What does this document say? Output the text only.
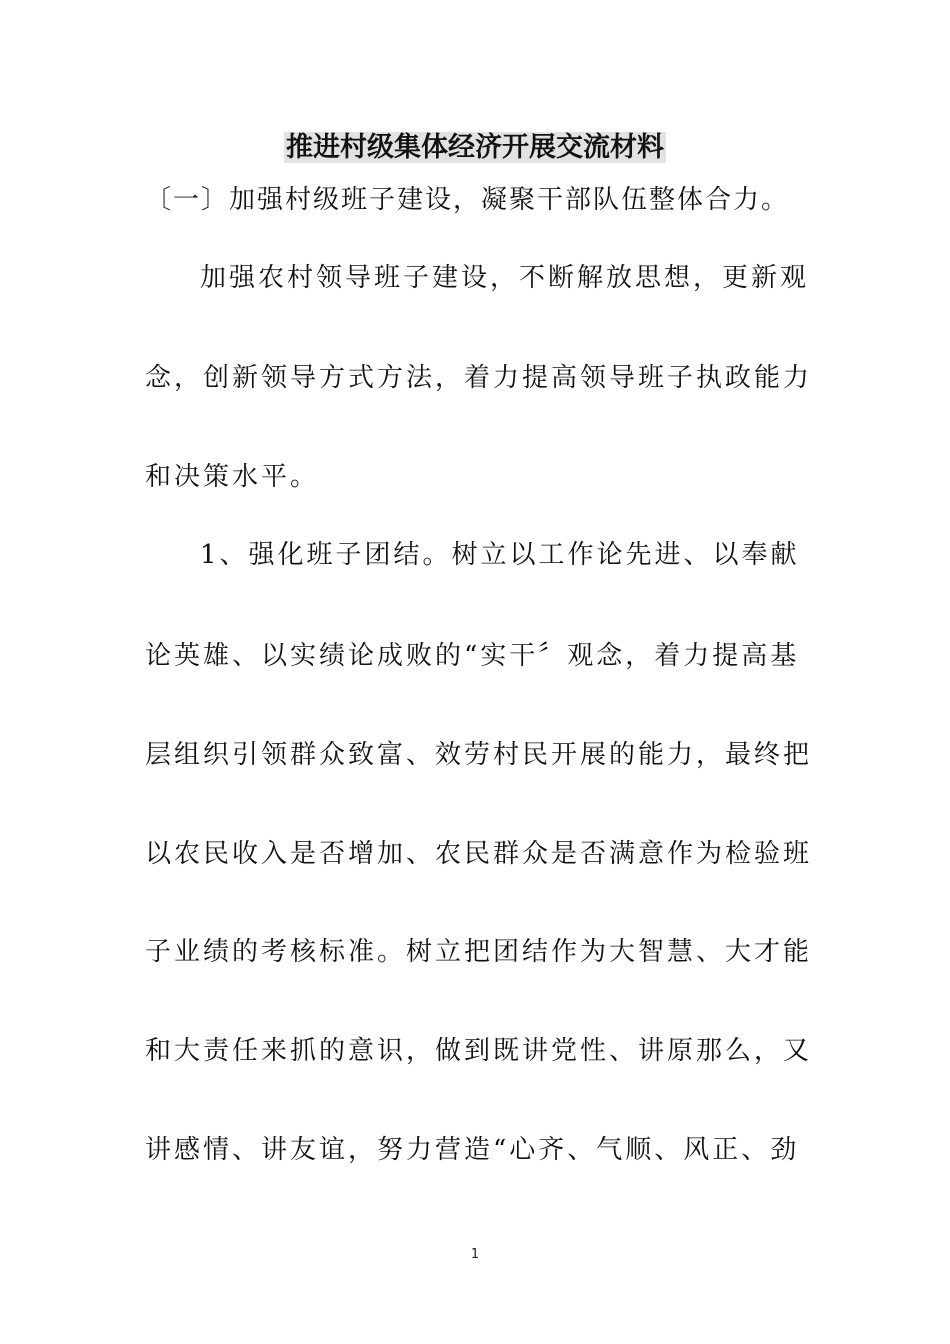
推进村级集体经济开展交流材料
〔一〕加强村级班子建设，凝聚干部队伍整体合力。
加强农村领导班子建设，不断解放思想，更新观
念，创新领导方式方法，着力提高领导班子执政能力
和决策水平。
1、强化班子团结。树立以工作论先进、以奉献
论英雄、以实绩论成败的“实干〞观念，着力提高基
层组织引领群众致富、效劳村民开展的能力，最终把
以农民收入是否增加、农民群众是否满意作为检验班
子业绩的考核标准。树立把团结作为大智慧、大才能
和大责任来抓的意识，做到既讲党性、讲原那么，又
讲感情、讲友谊，努力营造“心齐、气顺、风正、劲
1
